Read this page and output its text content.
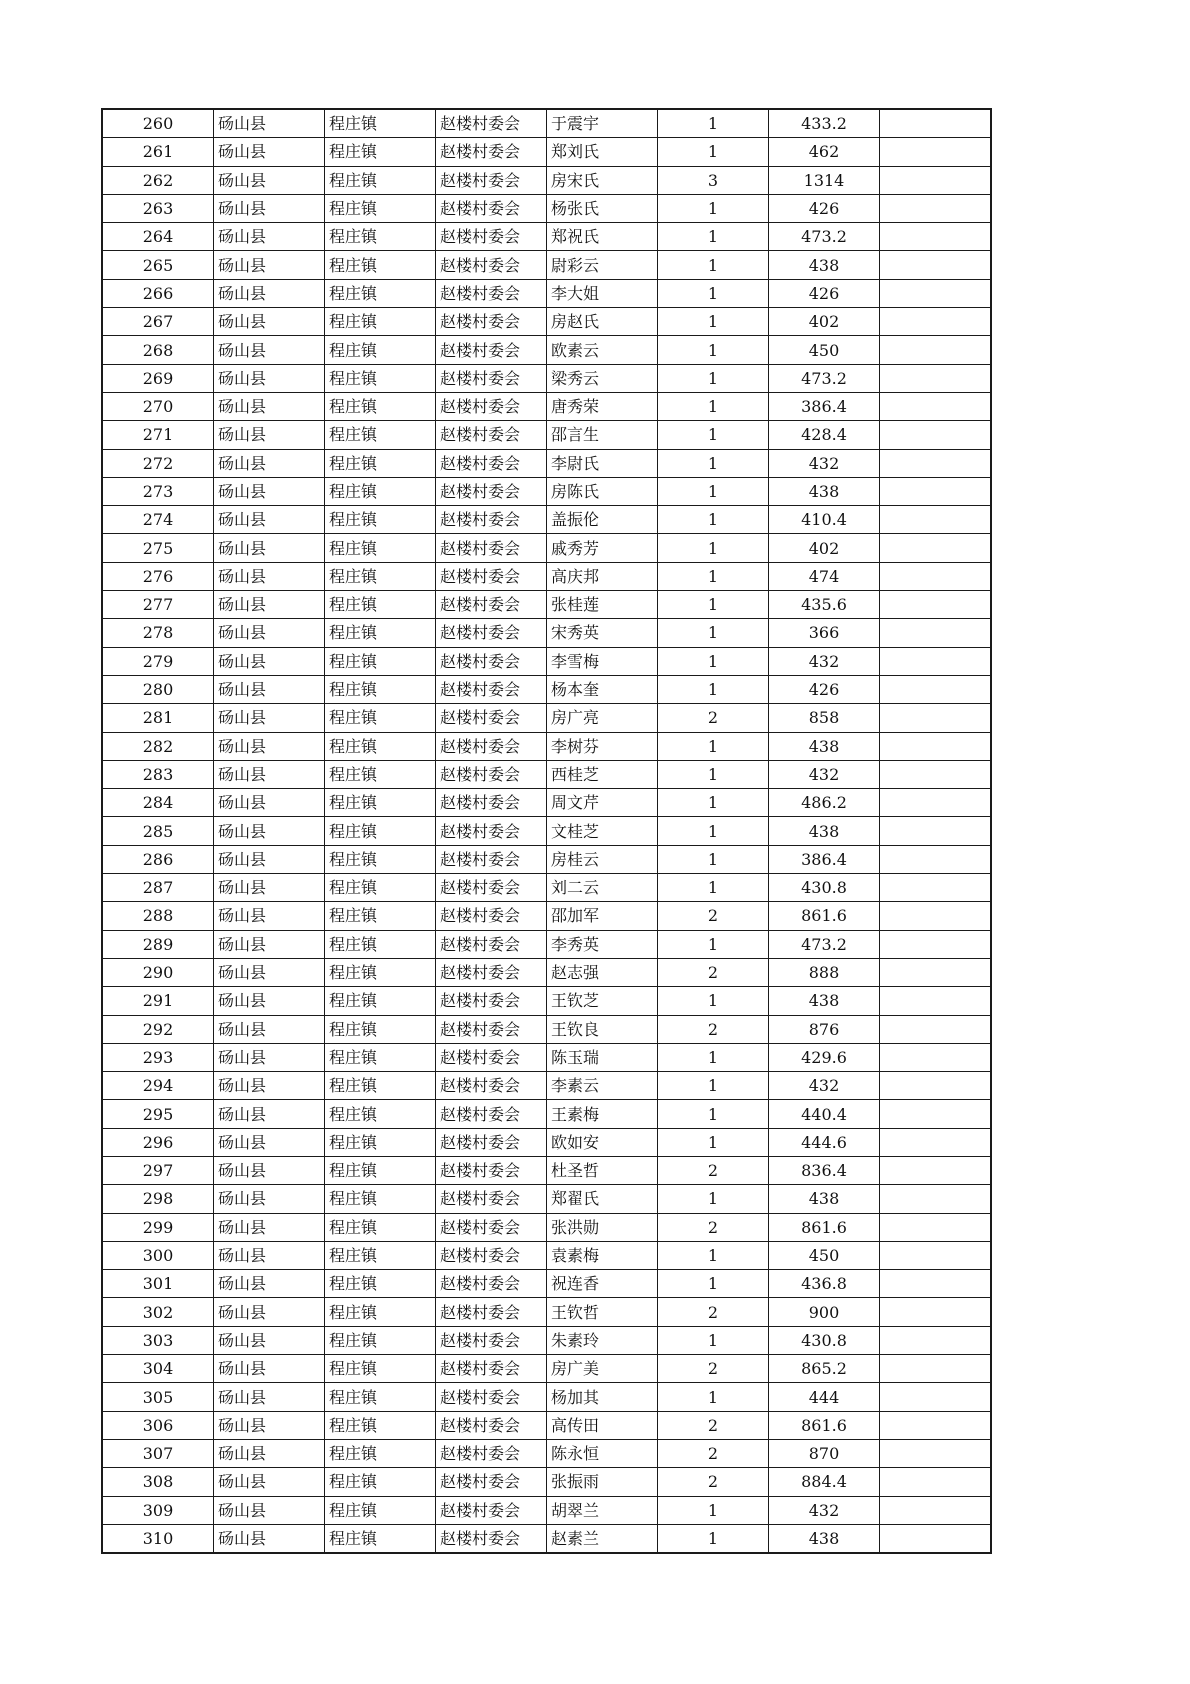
260	砀山县	程庄镇	赵楼村委会	于震宇	1	433.2	
261	砀山县	程庄镇	赵楼村委会	郑刘氏	1	462	
262	砀山县	程庄镇	赵楼村委会	房宋氏	3	1314	
263	砀山县	程庄镇	赵楼村委会	杨张氏	1	426	
264	砀山县	程庄镇	赵楼村委会	郑祝氏	1	473.2	
265	砀山县	程庄镇	赵楼村委会	尉彩云	1	438	
266	砀山县	程庄镇	赵楼村委会	李大姐	1	426	
267	砀山县	程庄镇	赵楼村委会	房赵氏	1	402	
268	砀山县	程庄镇	赵楼村委会	欧素云	1	450	
269	砀山县	程庄镇	赵楼村委会	梁秀云	1	473.2	
270	砀山县	程庄镇	赵楼村委会	唐秀荣	1	386.4	
271	砀山县	程庄镇	赵楼村委会	邵言生	1	428.4	
272	砀山县	程庄镇	赵楼村委会	李尉氏	1	432	
273	砀山县	程庄镇	赵楼村委会	房陈氏	1	438	
274	砀山县	程庄镇	赵楼村委会	盖振伦	1	410.4	
275	砀山县	程庄镇	赵楼村委会	戚秀芳	1	402	
276	砀山县	程庄镇	赵楼村委会	高庆邦	1	474	
277	砀山县	程庄镇	赵楼村委会	张桂莲	1	435.6	
278	砀山县	程庄镇	赵楼村委会	宋秀英	1	366	
279	砀山县	程庄镇	赵楼村委会	李雪梅	1	432	
280	砀山县	程庄镇	赵楼村委会	杨本奎	1	426	
281	砀山县	程庄镇	赵楼村委会	房广亮	2	858	
282	砀山县	程庄镇	赵楼村委会	李树芬	1	438	
283	砀山县	程庄镇	赵楼村委会	西桂芝	1	432	
284	砀山县	程庄镇	赵楼村委会	周文芹	1	486.2	
285	砀山县	程庄镇	赵楼村委会	文桂芝	1	438	
286	砀山县	程庄镇	赵楼村委会	房桂云	1	386.4	
287	砀山县	程庄镇	赵楼村委会	刘二云	1	430.8	
288	砀山县	程庄镇	赵楼村委会	邵加军	2	861.6	
289	砀山县	程庄镇	赵楼村委会	李秀英	1	473.2	
290	砀山县	程庄镇	赵楼村委会	赵志强	2	888	
291	砀山县	程庄镇	赵楼村委会	王钦芝	1	438	
292	砀山县	程庄镇	赵楼村委会	王钦良	2	876	
293	砀山县	程庄镇	赵楼村委会	陈玉瑞	1	429.6	
294	砀山县	程庄镇	赵楼村委会	李素云	1	432	
295	砀山县	程庄镇	赵楼村委会	王素梅	1	440.4	
296	砀山县	程庄镇	赵楼村委会	欧如安	1	444.6	
297	砀山县	程庄镇	赵楼村委会	杜圣哲	2	836.4	
298	砀山县	程庄镇	赵楼村委会	郑翟氏	1	438	
299	砀山县	程庄镇	赵楼村委会	张洪勋	2	861.6	
300	砀山县	程庄镇	赵楼村委会	袁素梅	1	450	
301	砀山县	程庄镇	赵楼村委会	祝连香	1	436.8	
302	砀山县	程庄镇	赵楼村委会	王钦哲	2	900	
303	砀山县	程庄镇	赵楼村委会	朱素玲	1	430.8	
304	砀山县	程庄镇	赵楼村委会	房广美	2	865.2	
305	砀山县	程庄镇	赵楼村委会	杨加其	1	444	
306	砀山县	程庄镇	赵楼村委会	高传田	2	861.6	
307	砀山县	程庄镇	赵楼村委会	陈永恒	2	870	
308	砀山县	程庄镇	赵楼村委会	张振雨	2	884.4	
309	砀山县	程庄镇	赵楼村委会	胡翠兰	1	432	
310	砀山县	程庄镇	赵楼村委会	赵素兰	1	438	
